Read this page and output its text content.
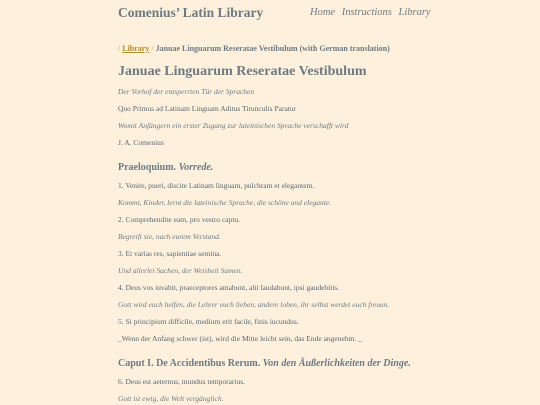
Comenius’ Latin Library	Home Instructions Library
/ Library / Januae Linguarum Reseratae Vestibulum (with German translation)
Januae Linguarum Reseratae Vestibulum
Der Vorhof der entsperrten Tür der Sprachen
Quo Primus ad Latinam Linguam Aditus Tirunculis Paratur
Womit Anfängern ein erster Zugang zur lateinischen Sprache verschafft wird
J. A. Comenius
Praeloquium. Vorrede.
1. Venite, pueri, discite Latinam linguam, pulchram et elegantem.
Kommt, Kinder, lernt die lateinische Sprache, die schöne und elegante.
2. Comprehendite eam, pro vestro captu.
Begreift sie, nach eurem Verstand.
3. Et varias res, sapientiae semina.
Und allerlei Sachen, der Weisheit Samen.
4. Deus vos iuvabit, praeceptores amabunt, alii laudabunt, ipsi gaudebitis.
Gott wird euch helfen, die Lehrer euch lieben, andere loben, ihr selbst werdet euch freuen.
5. Si principium difficile, medium erit facile, finis iucundus.
_Wenn der Anfang schwer (ist), wird die Mitte leicht sein, das Ende angenehm. _
Caput I. De Accidentibus Rerum. Von den Äußerlichkeiten der Dinge.
6. Deus est aeternus, mundus temporarius.
Gott ist ewig, die Welt vergänglich.
